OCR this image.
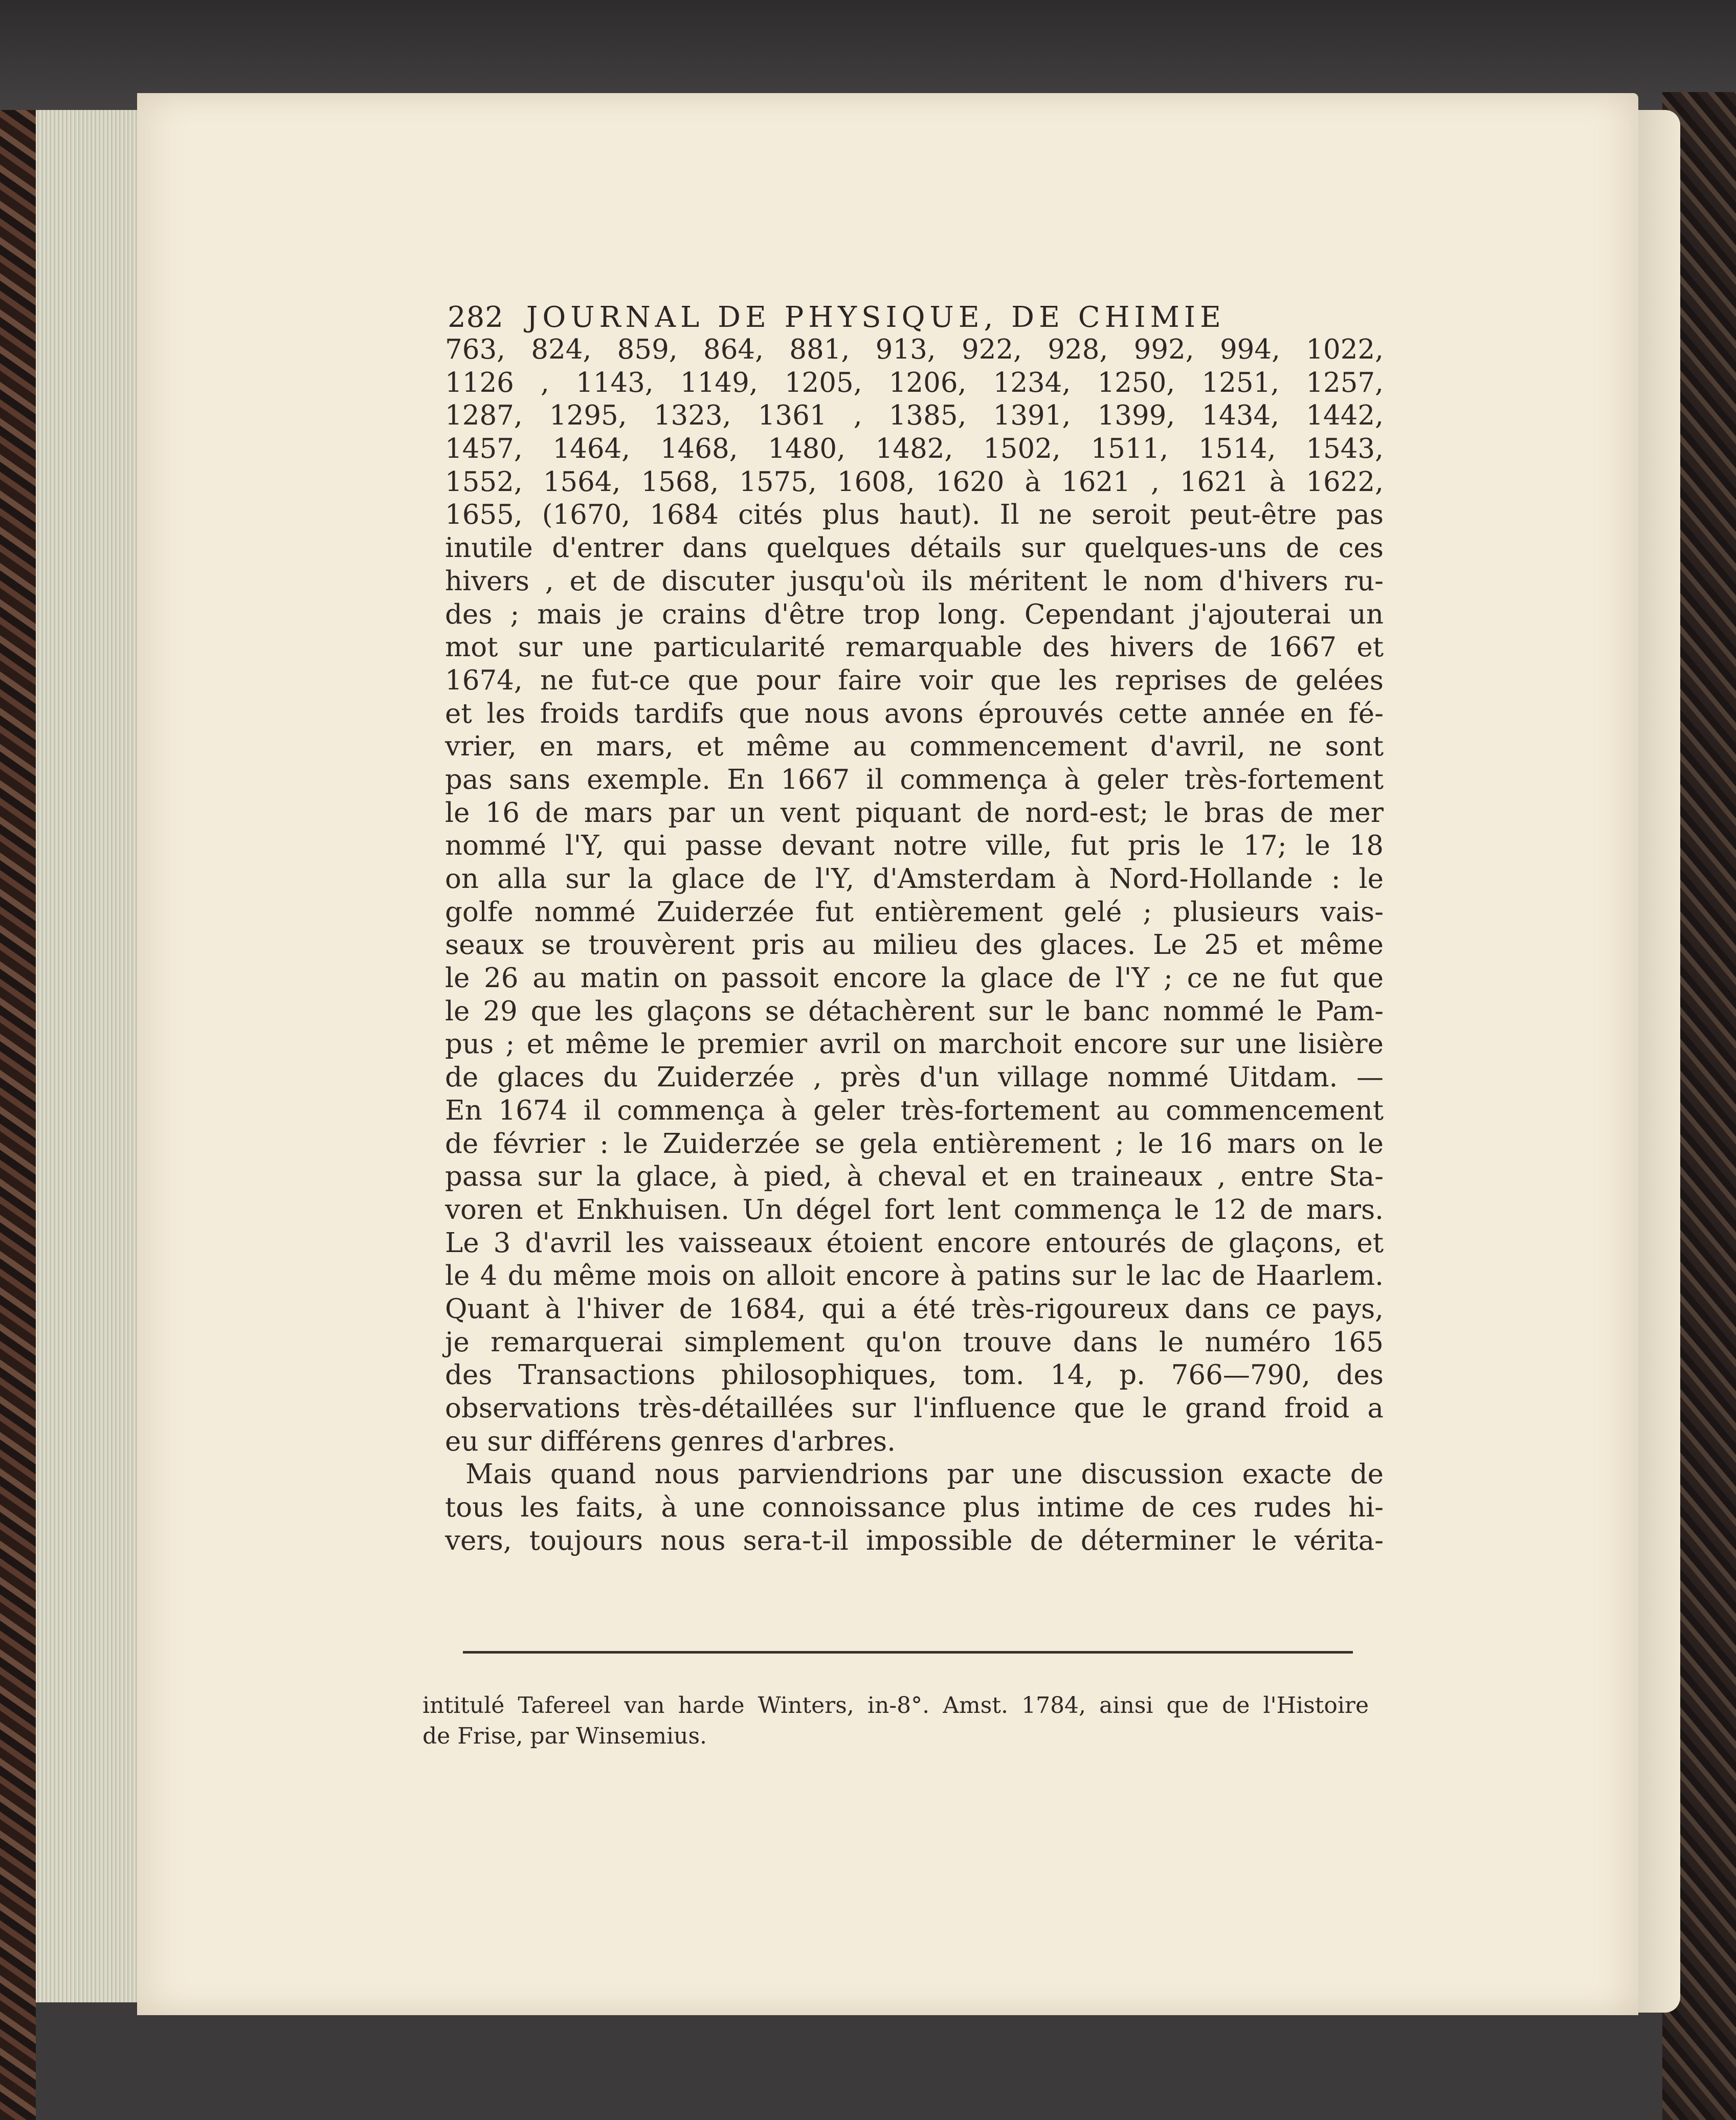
282 JOURNAL DE PHYSIQUE, DE CHIMIE
763, 824, 859, 864, 881, 913, 922, 928, 992, 994, 1022,
1126 , 1143, 1149, 1205, 1206, 1234, 1250, 1251, 1257,
1287, 1295, 1323, 1361 , 1385, 1391, 1399, 1434, 1442,
1457, 1464, 1468, 1480, 1482, 1502, 1511, 1514, 1543,
1552, 1564, 1568, 1575, 1608, 1620 à 1621 , 1621 à 1622,
1655, (1670, 1684 cités plus haut). Il ne seroit peut-être pas
inutile d'entrer dans quelques détails sur quelques-uns de ces
hivers , et de discuter jusqu'où ils méritent le nom d'hivers ru-
des ; mais je crains d'être trop long. Cependant j'ajouterai un
mot sur une particularité remarquable des hivers de 1667 et
1674, ne fut-ce que pour faire voir que les reprises de gelées
et les froids tardifs que nous avons éprouvés cette année en fé-
vrier, en mars, et même au commencement d'avril, ne sont
pas sans exemple. En 1667 il commença à geler très-fortement
le 16 de mars par un vent piquant de nord-est; le bras de mer
nommé l'Y, qui passe devant notre ville, fut pris le 17; le 18
on alla sur la glace de l'Y, d'Amsterdam à Nord-Hollande : le
golfe nommé Zuiderzée fut entièrement gelé ; plusieurs vais-
seaux se trouvèrent pris au milieu des glaces. Le 25 et même
le 26 au matin on passoit encore la glace de l'Y ; ce ne fut que
le 29 que les glaçons se détachèrent sur le banc nommé le Pam-
pus ; et même le premier avril on marchoit encore sur une lisière
de glaces du Zuiderzée , près d'un village nommé Uitdam. —
En 1674 il commença à geler très-fortement au commencement
de février : le Zuiderzée se gela entièrement ; le 16 mars on le
passa sur la glace, à pied, à cheval et en traineaux , entre Sta-
voren et Enkhuisen. Un dégel fort lent commença le 12 de mars.
Le 3 d'avril les vaisseaux étoient encore entourés de glaçons, et
le 4 du même mois on alloit encore à patins sur le lac de Haarlem.
Quant à l'hiver de 1684, qui a été très-rigoureux dans ce pays,
je remarquerai simplement qu'on trouve dans le numéro 165
des Transactions philosophiques, tom. 14, p. 766—790, des
observations très-détaillées sur l'influence que le grand froid a
eu sur différens genres d'arbres.
Mais quand nous parviendrions par une discussion exacte de
tous les faits, à une connoissance plus intime de ces rudes hi-
vers, toujours nous sera-t-il impossible de déterminer le vérita-
intitulé Tafereel van harde Winters, in-8°. Amst. 1784, ainsi que de l'Histoire
de Frise, par Winsemius.
